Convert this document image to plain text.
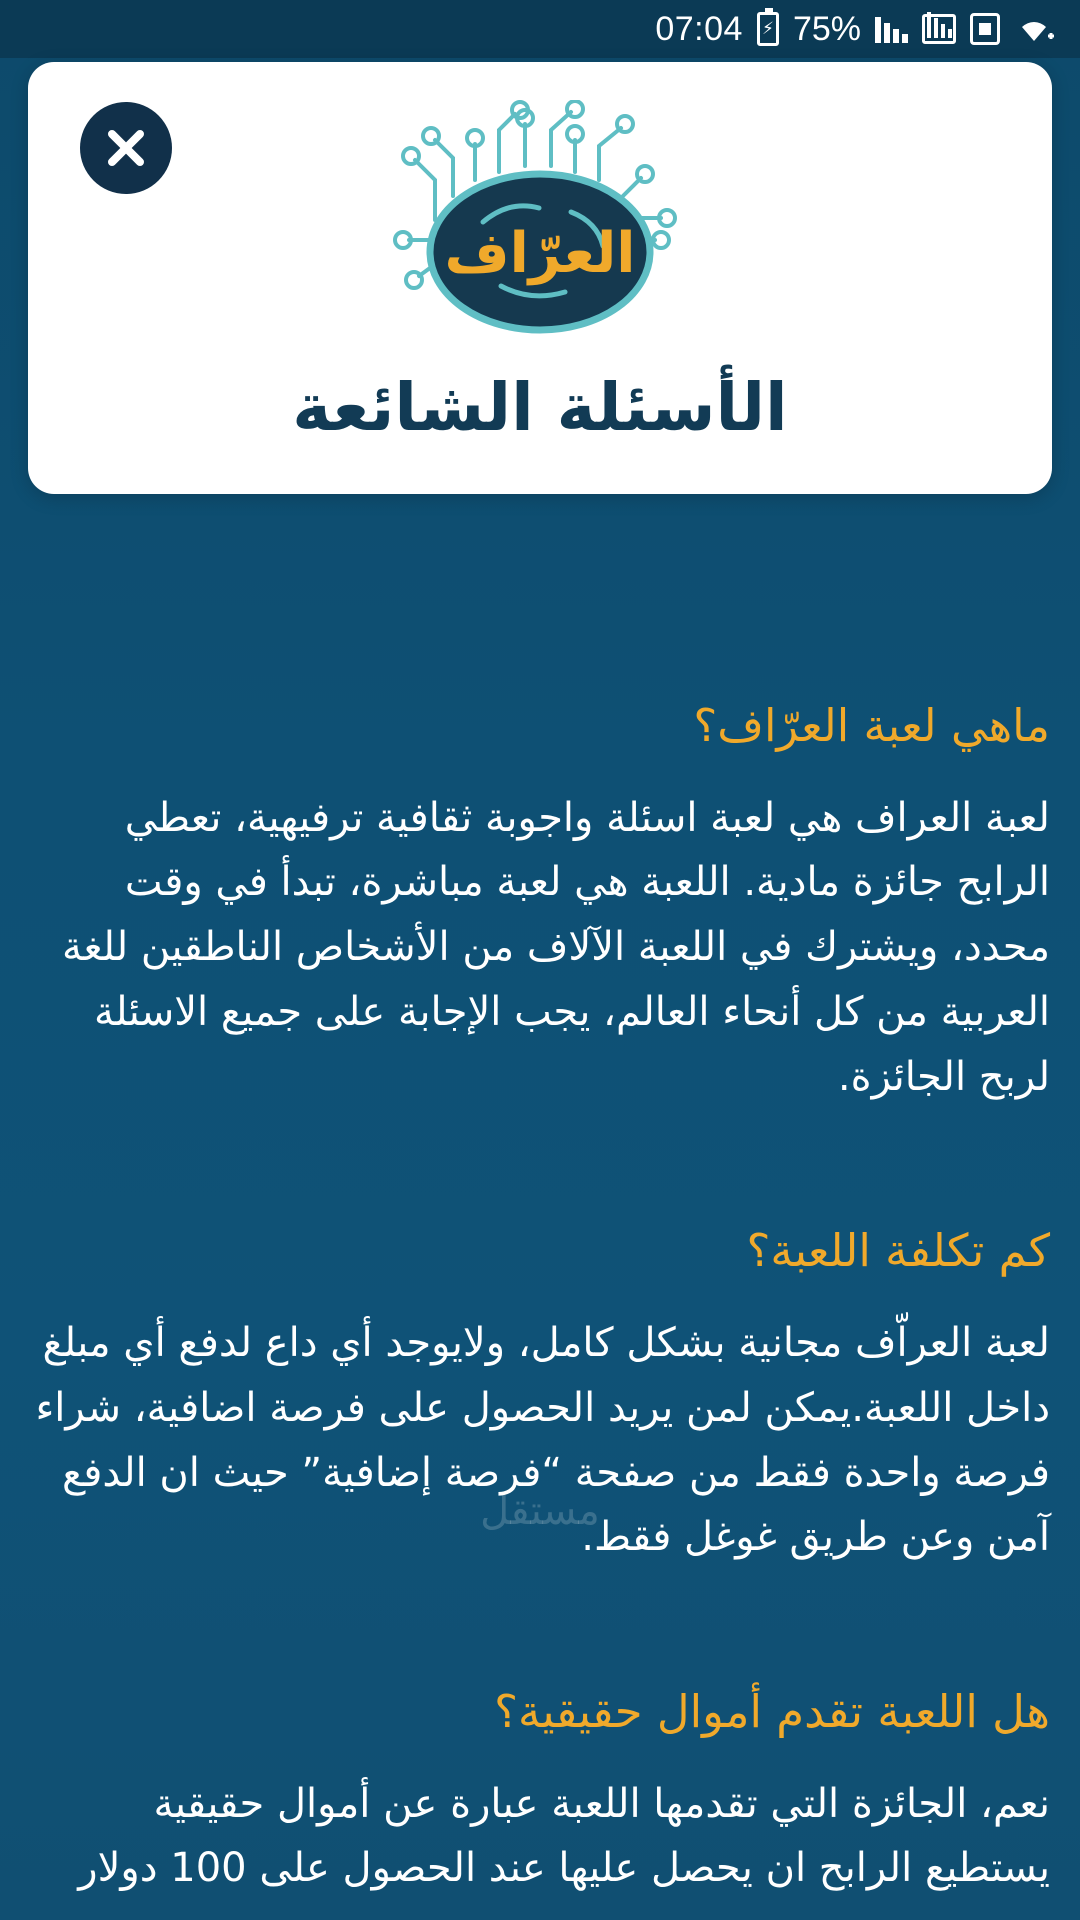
07:04 ⚡ 75%
العرّاف
الأسئلة الشائعة
ماهي لعبة العرّاف؟
لعبة العراف هي لعبة اسئلة واجوبة ثقافية ترفيهية، تعطي الرابح جائزة مادية. اللعبة هي لعبة مباشرة، تبدأ في وقت محدد، ويشترك في اللعبة الآلاف من الأشخاص الناطقين للغة العربية من كل أنحاء العالم، يجب الإجابة على جميع الاسئلة لربح الجائزة.
كم تكلفة اللعبة؟
لعبة العراّف مجانية بشكل كامل، ولايوجد أي داع لدفع أي مبلغ داخل اللعبة.‏يمكن لمن يريد الحصول على فرصة اضافية، شراء فرصة واحدة فقط من صفحة “فرصة إضافية” حيث ان الدفع آمن وعن طريق غوغل فقط.
هل اللعبة تقدم أموال حقيقية؟
نعم، الجائزة التي تقدمها اللعبة عبارة عن أموال حقيقية يستطيع الرابح ان يحصل عليها عند الحصول على 100 دولار
مستقل
